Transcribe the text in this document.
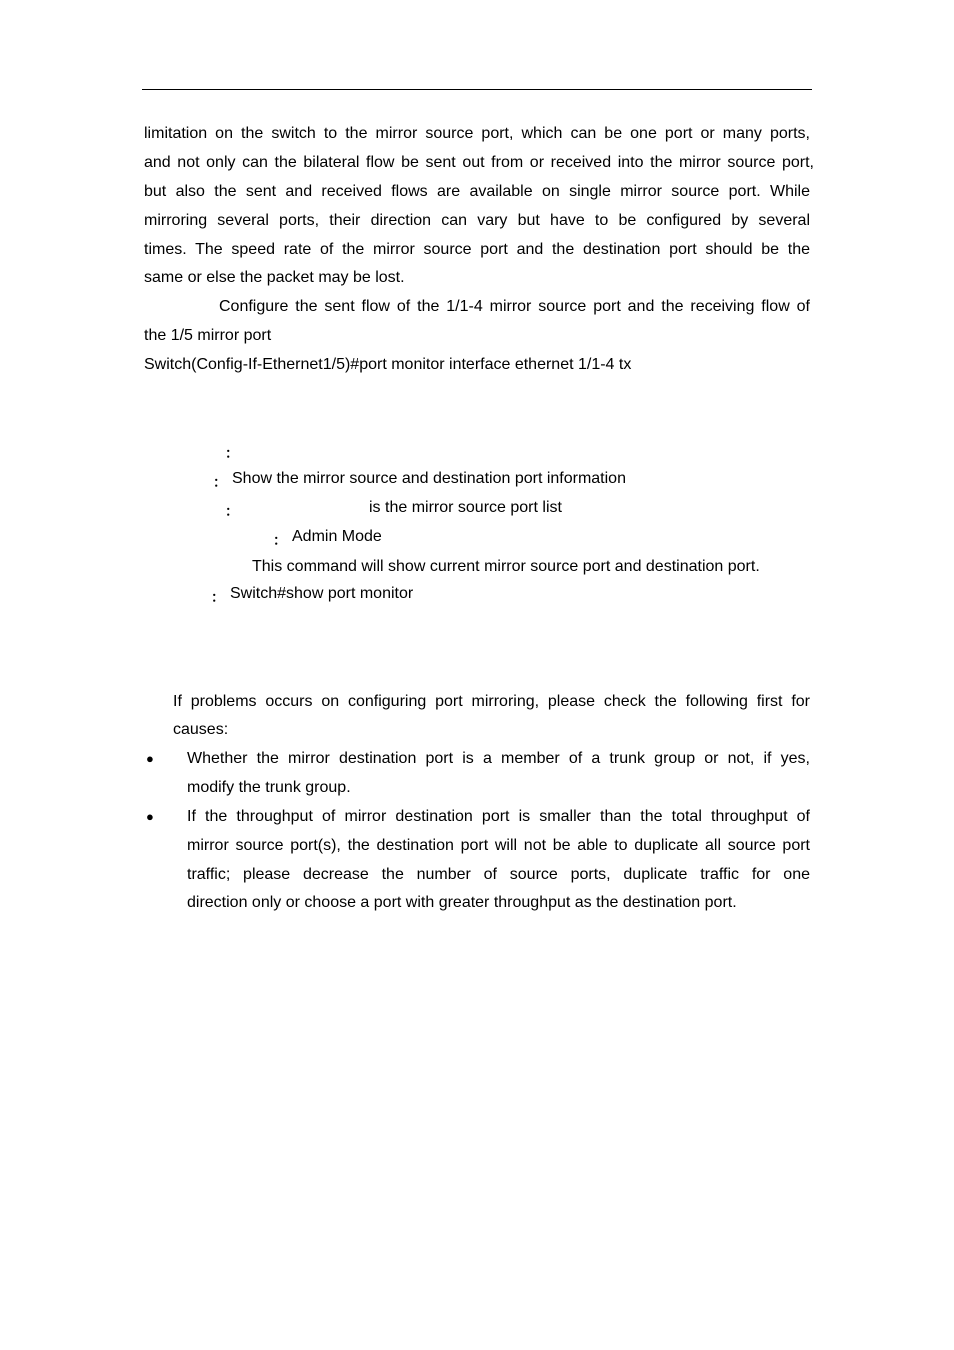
limitation on the switch to the mirror source port, which can be one port or many ports,
and not only can the bilateral flow be sent out from or received into the mirror source port,
but also the sent and received flows are available on single mirror source port. While
mirroring several ports, their direction can vary but have to be configured by several
times. The speed rate of the mirror source port and the destination port should be the
same or else the packet may be lost.
Configure the sent flow of the 1/1-4 mirror source port and the receiving flow of
the 1/5 mirror port
Switch(Config-If-Ethernet1/5)#port monitor interface ethernet 1/1-4 tx
：
： Show the mirror source and destination port information
：	is the mirror source port list
： Admin Mode
This command will show current mirror source port and destination port.
： Switch#show port monitor
If problems occurs on configuring port mirroring, please check the following first for
causes:
● Whether the mirror destination port is a member of a trunk group or not, if yes,
modify the trunk group.
● If the throughput of mirror destination port is smaller than the total throughput of
mirror source port(s), the destination port will not be able to duplicate all source port
traffic; please decrease the number of source ports, duplicate traffic for one
direction only or choose a port with greater throughput as the destination port.
